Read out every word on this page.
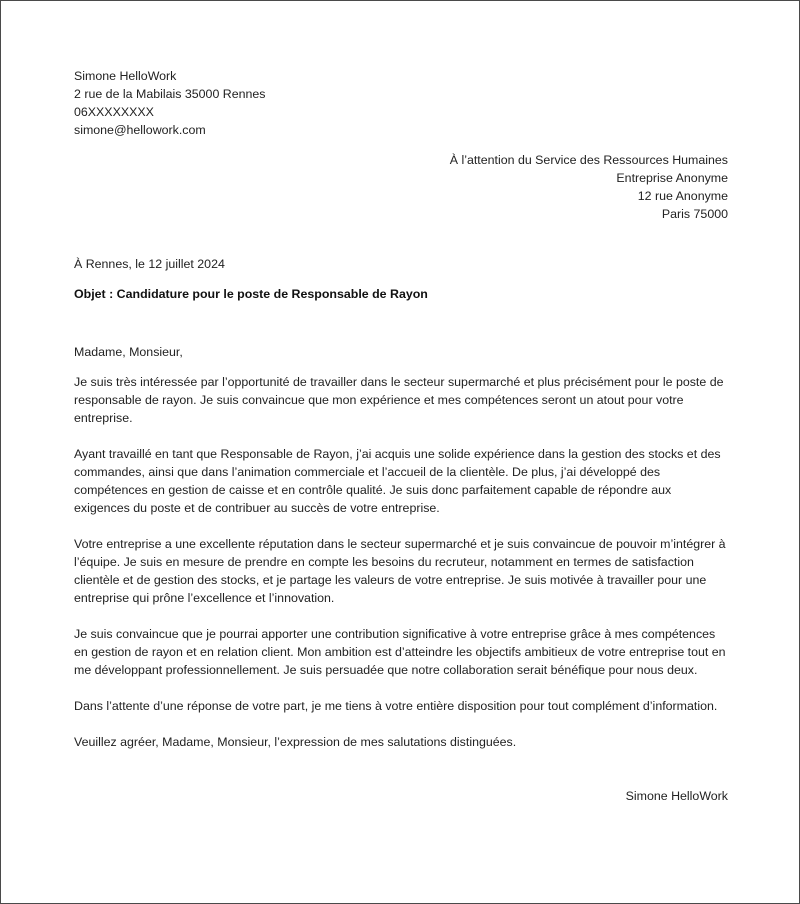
Simone HelloWork

2 rue de la Mabilais 35000 Rennes

06XXXXXXXX

simone@hellowork.com

À l’attention du Service des Ressources Humaines

Entreprise Anonyme

12 rue Anonyme

Paris 75000

À Rennes, le 12 juillet 2024

Objet : Candidature pour le poste de Responsable de Rayon

Madame, Monsieur,

Je suis très intéressée par l’opportunité de travailler dans le secteur supermarché et plus précisément pour le poste de responsable de rayon. Je suis convaincue que mon expérience et mes compétences seront un atout pour votre entreprise.

Ayant travaillé en tant que Responsable de Rayon, j’ai acquis une solide expérience dans la gestion des stocks et des commandes, ainsi que dans l’animation commerciale et l’accueil de la clientèle. De plus, j’ai développé des compétences en gestion de caisse et en contrôle qualité. Je suis donc parfaitement capable de répondre aux exigences du poste et de contribuer au succès de votre entreprise.

Votre entreprise a une excellente réputation dans le secteur supermarché et je suis convaincue de pouvoir m’intégrer à l’équipe. Je suis en mesure de prendre en compte les besoins du recruteur, notamment en termes de satisfaction clientèle et de gestion des stocks, et je partage les valeurs de votre entreprise. Je suis motivée à travailler pour une entreprise qui prône l’excellence et l’innovation.

Je suis convaincue que je pourrai apporter une contribution significative à votre entreprise grâce à mes compétences en gestion de rayon et en relation client. Mon ambition est d’atteindre les objectifs ambitieux de votre entreprise tout en me développant professionnellement. Je suis persuadée que notre collaboration serait bénéfique pour nous deux.

Dans l’attente d’une réponse de votre part, je me tiens à votre entière disposition pour tout complément d’information.

Veuillez agréer, Madame, Monsieur, l’expression de mes salutations distinguées.

Simone HelloWork
